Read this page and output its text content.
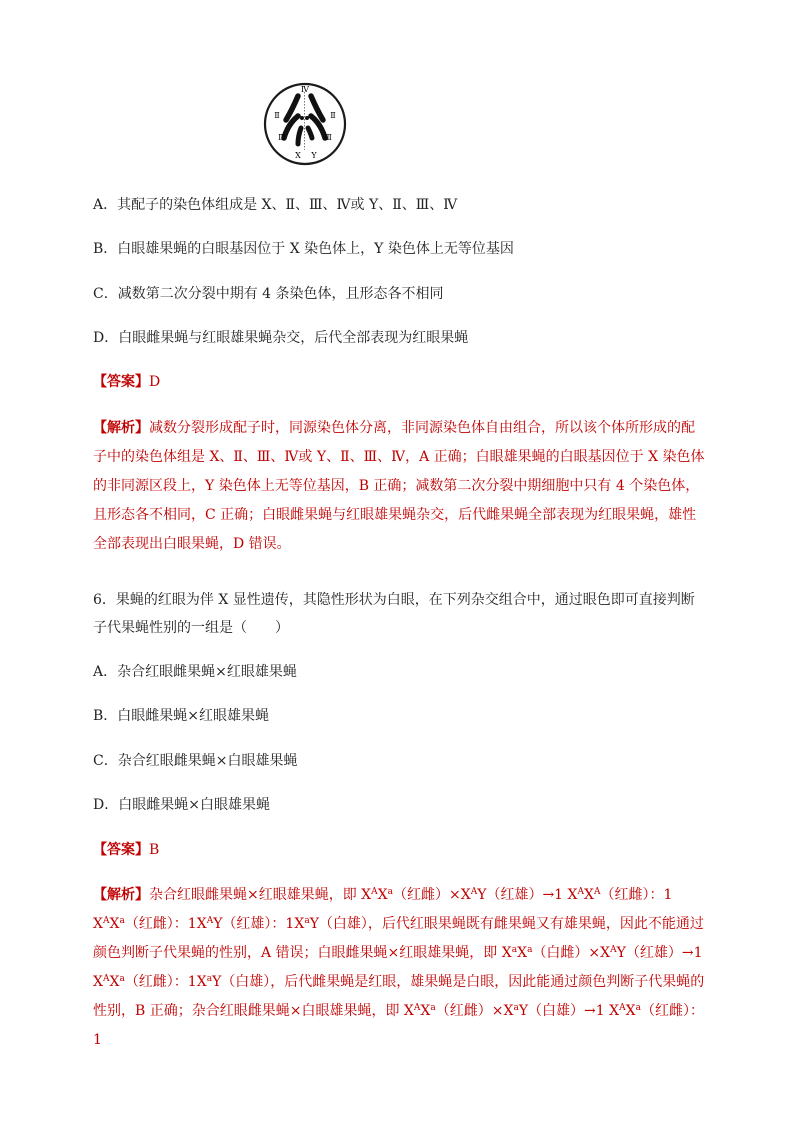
Ⅳ
Ⅱ	Ⅱ
Ⅲ	Ⅲ
X Y
A．其配子的染色体组成是 X、Ⅱ、Ⅲ、Ⅳ或 Y、Ⅱ、Ⅲ、Ⅳ
B．白眼雄果蝇的白眼基因位于 X 染色体上，Y 染色体上无等位基因
C．减数第二次分裂中期有 4 条染色体，且形态各不相同
D．白眼雌果蝇与红眼雄果蝇杂交，后代全部表现为红眼果蝇
【答案】D
【解析】减数分裂形成配子时，同源染色体分离，非同源染色体自由组合，所以该个体所形成的配子中的染色体组是 X、Ⅱ、Ⅲ、Ⅳ或 Y、Ⅱ、Ⅲ、Ⅳ，A 正确；白眼雄果蝇的白眼基因位于 X 染色体的非同源区段上，Y 染色体上无等位基因，B 正确；减数第二次分裂中期细胞中只有 4 个染色体，且形态各不相同，C 正确；白眼雌果蝇与红眼雄果蝇杂交，后代雌果蝇全部表现为红眼果蝇，雄性全部表现出白眼果蝇，D 错误。
6．果蝇的红眼为伴 X 显性遗传，其隐性形状为白眼，在下列杂交组合中，通过眼色即可直接判断
子代果蝇性别的一组是（　　）
A．杂合红眼雌果蝇×红眼雄果蝇
B．白眼雌果蝇×红眼雄果蝇
C．杂合红眼雌果蝇×白眼雄果蝇
D．白眼雌果蝇×白眼雄果蝇
【答案】B
【解析】杂合红眼雌果蝇×红眼雄果蝇，即 $X^AX^a$（红雌）$\times X^AY$（红雄）→1 $X^AX^A$（红雌）：1 $X^AX^a$（红雌）：$1X^AY$（红雄）：$1X^aY$（白雄），后代红眼果蝇既有雌果蝇又有雄果蝇，因此不能通过颜色判断子代果蝇的性别，A 错误；白眼雌果蝇×红眼雄果蝇，即 $X^aX^a$（白雌）$\times X^AY$（红雄）→1 $X^AX^a$（红雌）：$1X^aY$（白雄），后代雌果蝇是红眼，雄果蝇是白眼，因此能通过颜色判断子代果蝇的性别，B 正确；杂合红眼雌果蝇×白眼雄果蝇，即 $X^AX^a$（红雌）$\times X^aY$（白雄）→1 $X^AX^a$（红雌）：1
